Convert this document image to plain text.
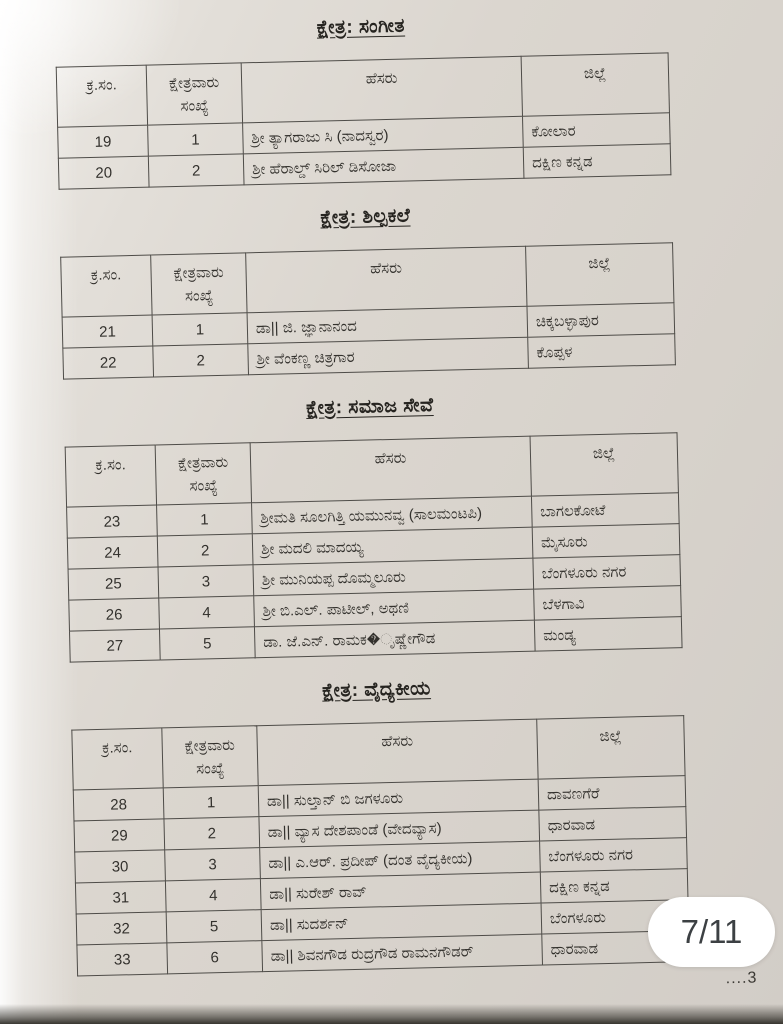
ಕ್ಷೇತ್ರ: ಸಂಗೀತ
ಕ್ರ.ಸಂ.	ಕ್ಷೇತ್ರವಾರು ಸಂಖ್ಯೆ	ಹೆಸರು	ಜಿಲ್ಲೆ
19	1	ಶ್ರೀ ತ್ಯಾಗರಾಜು ಸಿ (ನಾದಸ್ವರ)	ಕೋಲಾರ
20	2	ಶ್ರೀ ಹೆರಾಲ್ಡ್ ಸಿರಿಲ್ ಡಿಸೋಜಾ	ದಕ್ಷಿಣ ಕನ್ನಡ
ಕ್ಷೇತ್ರ: ಶಿಲ್ಪಕಲೆ
ಕ್ರ.ಸಂ.	ಕ್ಷೇತ್ರವಾರು ಸಂಖ್ಯೆ	ಹೆಸರು	ಜಿಲ್ಲೆ
21	1	ಡಾ|| ಜಿ. ಜ್ಞಾನಾನಂದ	ಚಿಕ್ಕಬಳ್ಳಾಪುರ
22	2	ಶ್ರೀ ವೆಂಕಣ್ಣ ಚಿತ್ರಗಾರ	ಕೊಪ್ಪಳ
ಕ್ಷೇತ್ರ: ಸಮಾಜ ಸೇವೆ
ಕ್ರ.ಸಂ.	ಕ್ಷೇತ್ರವಾರು ಸಂಖ್ಯೆ	ಹೆಸರು	ಜಿಲ್ಲೆ
23	1	ಶ್ರೀಮತಿ ಸೂಲಗಿತ್ತಿ ಯಮುನವ್ವ (ಸಾಲಮಂಟಪಿ)	ಬಾಗಲಕೋಟೆ
24	2	ಶ್ರೀ ಮದಲಿ ಮಾದಯ್ಯ	ಮೈಸೂರು
25	3	ಶ್ರೀ ಮುನಿಯಪ್ಪ ದೊಮ್ಮಲೂರು	ಬೆಂಗಳೂರು ನಗರ
26	4	ಶ್ರೀ ಬಿ.ಎಲ್. ಪಾಟೀಲ್, ಅಥಣಿ	ಬೆಳಗಾವಿ
27	5	ಡಾ. ಜೆ.ಎನ್. ರಾಮಕ�ೃಷ್ಣೇಗೌಡ	ಮಂಡ್ಯ
ಕ್ಷೇತ್ರ: ವೈದ್ಯಕೀಯ
ಕ್ರ.ಸಂ.	ಕ್ಷೇತ್ರವಾರು ಸಂಖ್ಯೆ	ಹೆಸರು	ಜಿಲ್ಲೆ
28	1	ಡಾ|| ಸುಲ್ತಾನ್ ಬಿ ಜಗಳೂರು	ದಾವಣಗೆರೆ
29	2	ಡಾ|| ವ್ಯಾಸ ದೇಶಪಾಂಡೆ (ವೇದವ್ಯಾಸ)	ಧಾರವಾಡ
30	3	ಡಾ|| ಎ.ಆರ್. ಪ್ರದೀಪ್ (ದಂತ ವೈದ್ಯಕೀಯ)	ಬೆಂಗಳೂರು ನಗರ
31	4	ಡಾ|| ಸುರೇಶ್ ರಾವ್	ದಕ್ಷಿಣ ಕನ್ನಡ
32	5	ಡಾ|| ಸುದರ್ಶನ್	ಬೆಂಗಳೂರು
33	6	ಡಾ|| ಶಿವನಗೌಡ ರುದ್ರಗೌಡ ರಾಮನಗೌಡರ್	ಧಾರವಾಡ
....3
7/11
